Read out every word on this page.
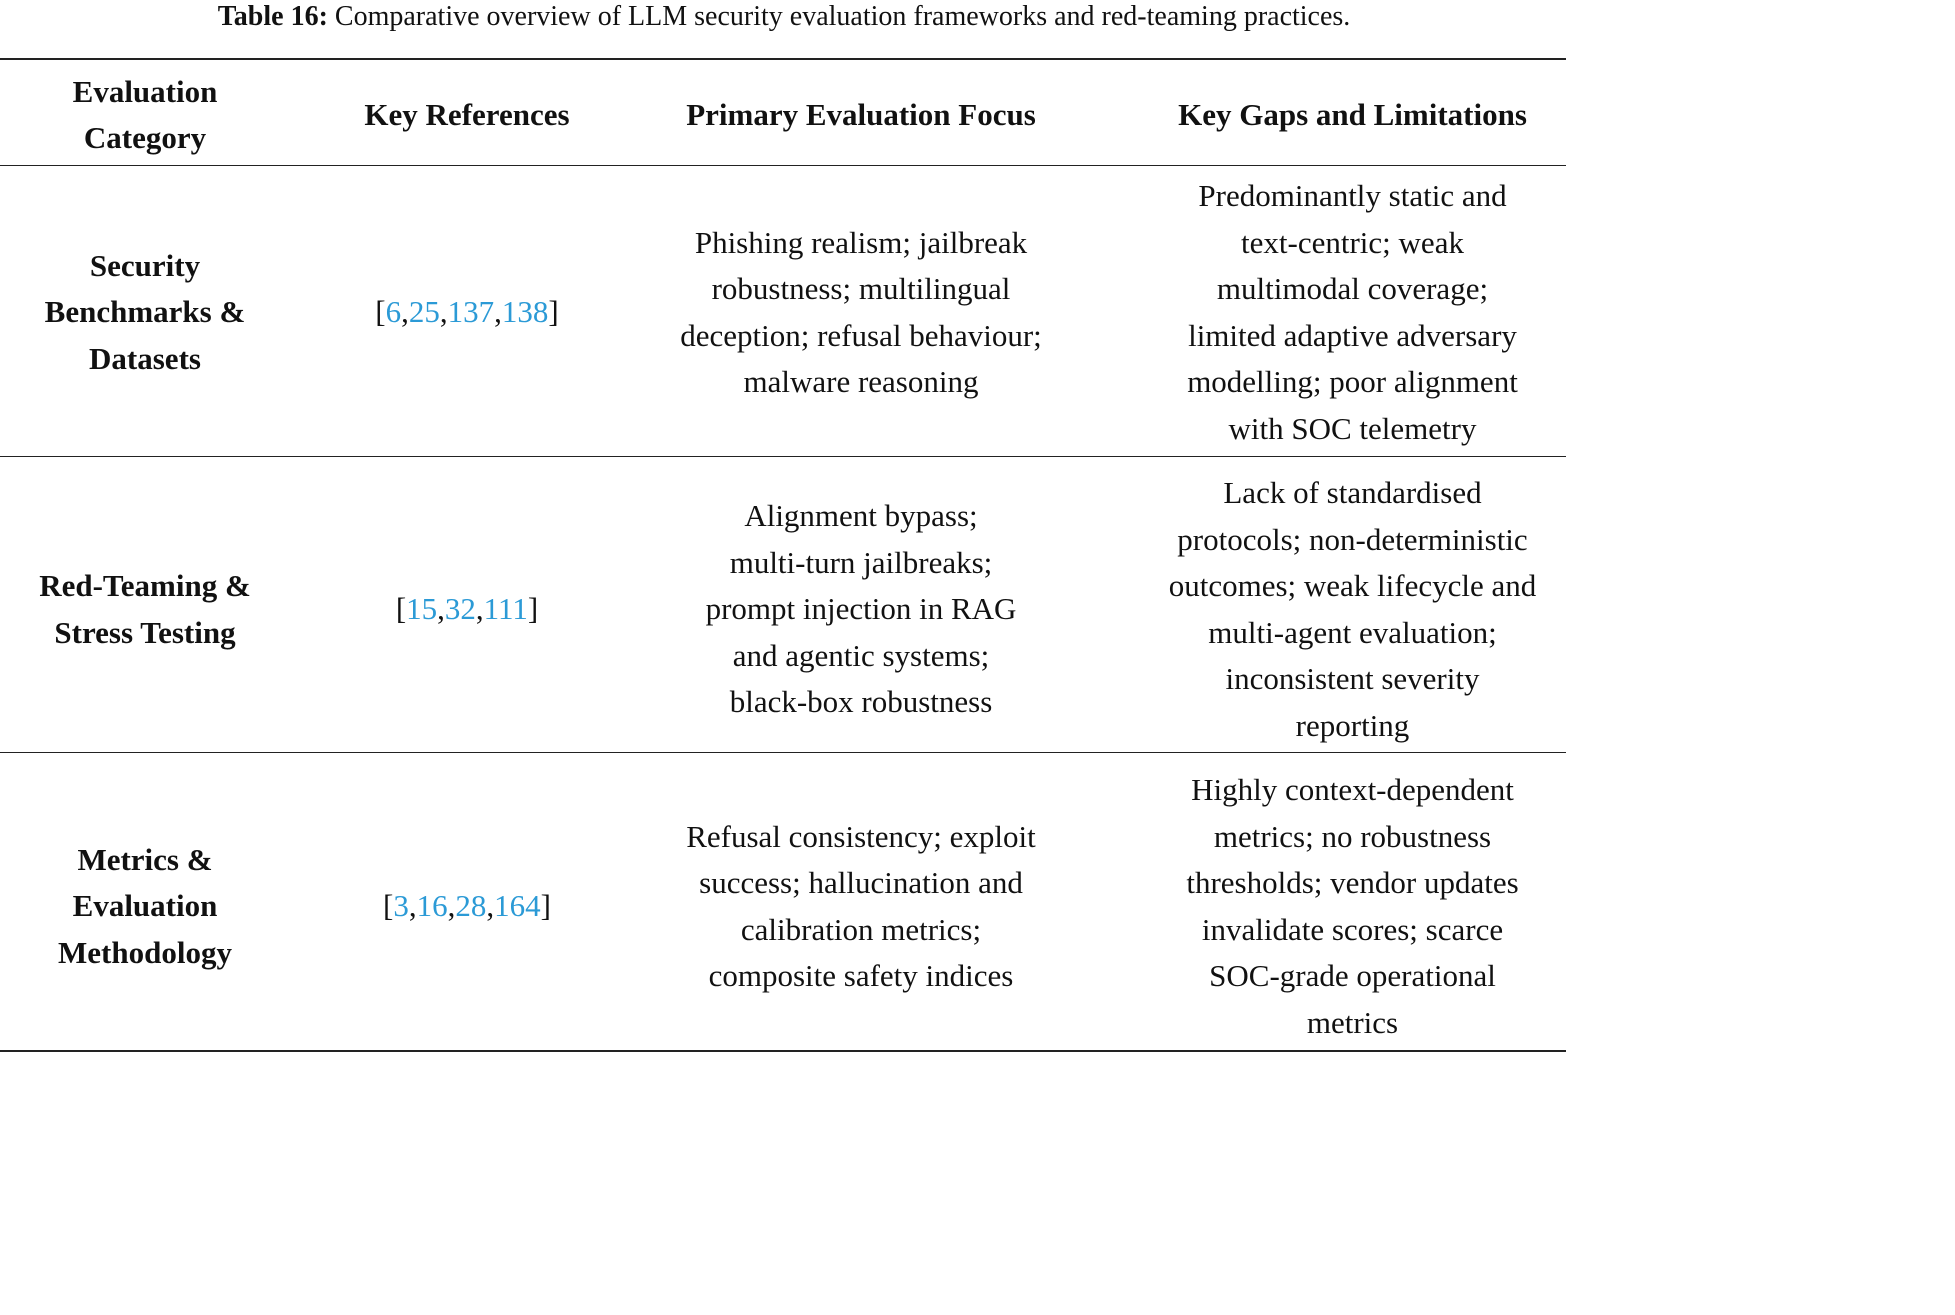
Table 16: Comparative overview of LLM security evaluation frameworks and red-teaming practices.
Evaluation
Category
Key References	Primary Evaluation Focus	Key Gaps and Limitations
Security
Benchmarks &
Datasets
[6,25,137,138]
Phishing realism; jailbreak
robustness; multilingual
deception; refusal behaviour;
malware reasoning
Predominantly static and
text-centric; weak
multimodal coverage;
limited adaptive adversary
modelling; poor alignment
with SOC telemetry
Red-Teaming &
Stress Testing
[15,32,111]
Alignment bypass;
multi-turn jailbreaks;
prompt injection in RAG
and agentic systems;
black-box robustness
Lack of standardised
protocols; non-deterministic
outcomes; weak lifecycle and
multi-agent evaluation;
inconsistent severity
reporting
Metrics &
Evaluation
Methodology
[3,16,28,164]
Refusal consistency; exploit
success; hallucination and
calibration metrics;
composite safety indices
Highly context-dependent
metrics; no robustness
thresholds; vendor updates
invalidate scores; scarce
SOC-grade operational
metrics
